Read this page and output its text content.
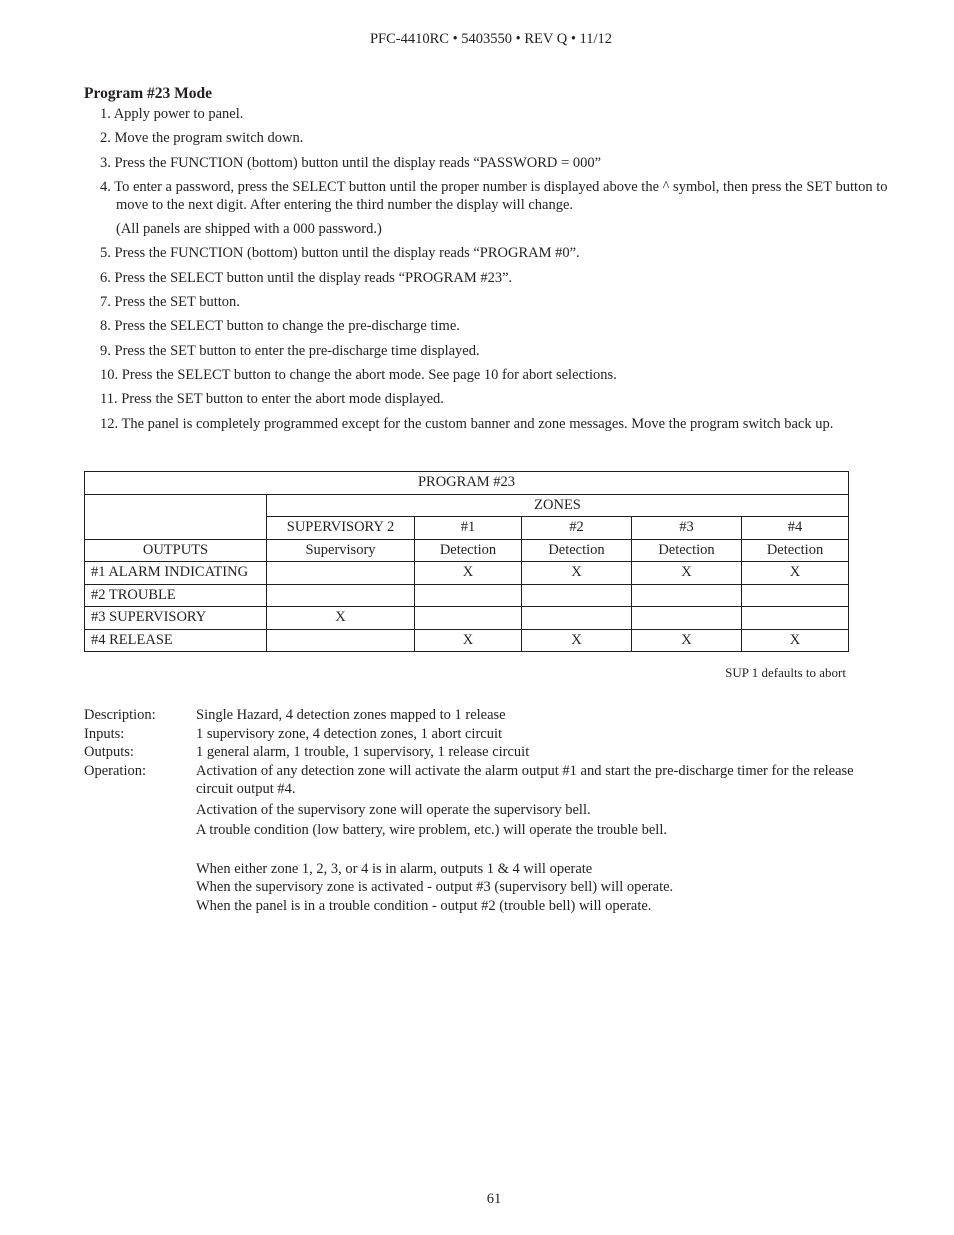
PFC-4410RC • 5403550 • REV Q • 11/12
Program #23 Mode
1. Apply power to panel.
2. Move the program switch down.
3. Press the FUNCTION (bottom) button until the display reads “PASSWORD = 000”
4. To enter a password, press the SELECT button until the proper number is displayed above the ^ symbol, then press the SET button to move to the next digit. After entering the third number the display will change.
(All panels are shipped with a 000 password.)
5. Press the FUNCTION (bottom) button until the display reads “PROGRAM #0”.
6. Press the SELECT button until the display reads “PROGRAM #23”.
7. Press the SET button.
8. Press the SELECT button to change the pre-discharge time.
9. Press the SET button to enter the pre-discharge time displayed.
10. Press the SELECT button to change the abort mode. See page 10 for abort selections.
11. Press the SET button to enter the abort mode displayed.
12. The panel is completely programmed except for the custom banner and zone messages. Move the program switch back up.
PROGRAM #23					
	ZONES				
	SUPERVISORY 2	#1	#2	#3	#4
OUTPUTS	Supervisory	Detection	Detection	Detection	Detection
#1 ALARM INDICATING		X	X	X	X
#2 TROUBLE					
#3 SUPERVISORY	X				
#4 RELEASE		X	X	X	X
SUP 1 defaults to abort
Description:	Single Hazard, 4 detection zones mapped to 1 release
Inputs:	1 supervisory zone, 4 detection zones, 1 abort circuit
Outputs:	1 general alarm, 1 trouble, 1 supervisory, 1 release circuit
Operation:	Activation of any detection zone will activate the alarm output #1 and start the pre-discharge timer for the release circuit output #4.
Activation of the supervisory zone will operate the supervisory bell.
A trouble condition (low battery, wire problem, etc.) will operate the trouble bell.
When either zone 1, 2, 3, or 4 is in alarm, outputs 1 & 4 will operate
When the supervisory zone is activated - output #3 (supervisory bell) will operate.
When the panel is in a trouble condition - output #2 (trouble bell) will operate.
61
